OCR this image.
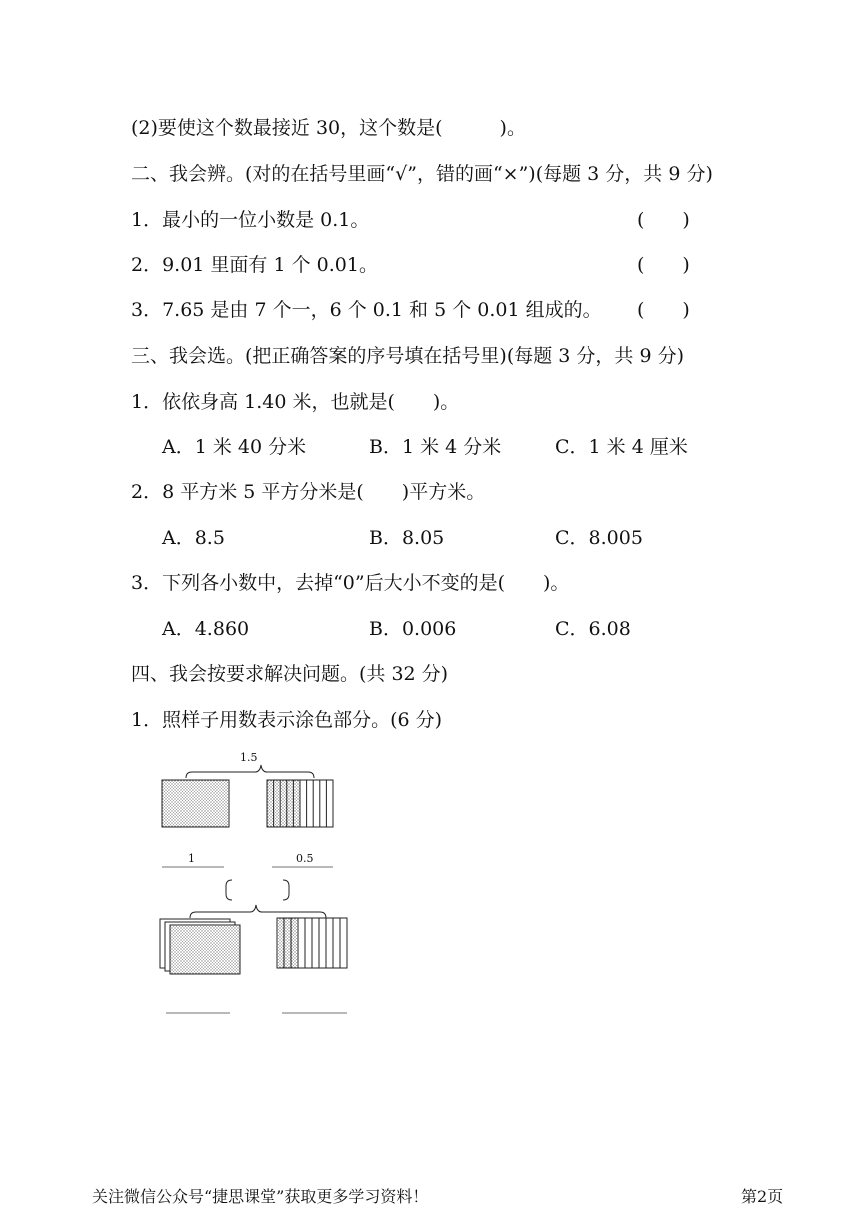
(2)要使这个数最接近 30，这个数是(　　　)。
二、我会辨。(对的在括号里画“√”，错的画“×”)(每题 3 分，共 9 分)
1．最小的一位小数是 0.1。	(　　)
2．9.01 里面有 1 个 0.01。	(　　)
3．7.65 是由 7 个一，6 个 0.1 和 5 个 0.01 组成的。 (　　)
三、我会选。(把正确答案的序号填在括号里)(每题 3 分，共 9 分)
1．依依身高 1.40 米，也就是(　　)。
A．1 米 40 分米	B．1 米 4 分米	C．1 米 4 厘米
2．8 平方米 5 平方分米是(　　)平方米。
A．8.5	B．8.05	C．8.005
3．下列各小数中，去掉“0”后大小不变的是(　　)。
A．4.860	B．0.006	C．6.08
四、我会按要求解决问题。(共 32 分)
1．照样子用数表示涂色部分。(6 分)
1.5
1	0.5
关注微信公众号“捷思课堂”获取更多学习资料！	第2页
